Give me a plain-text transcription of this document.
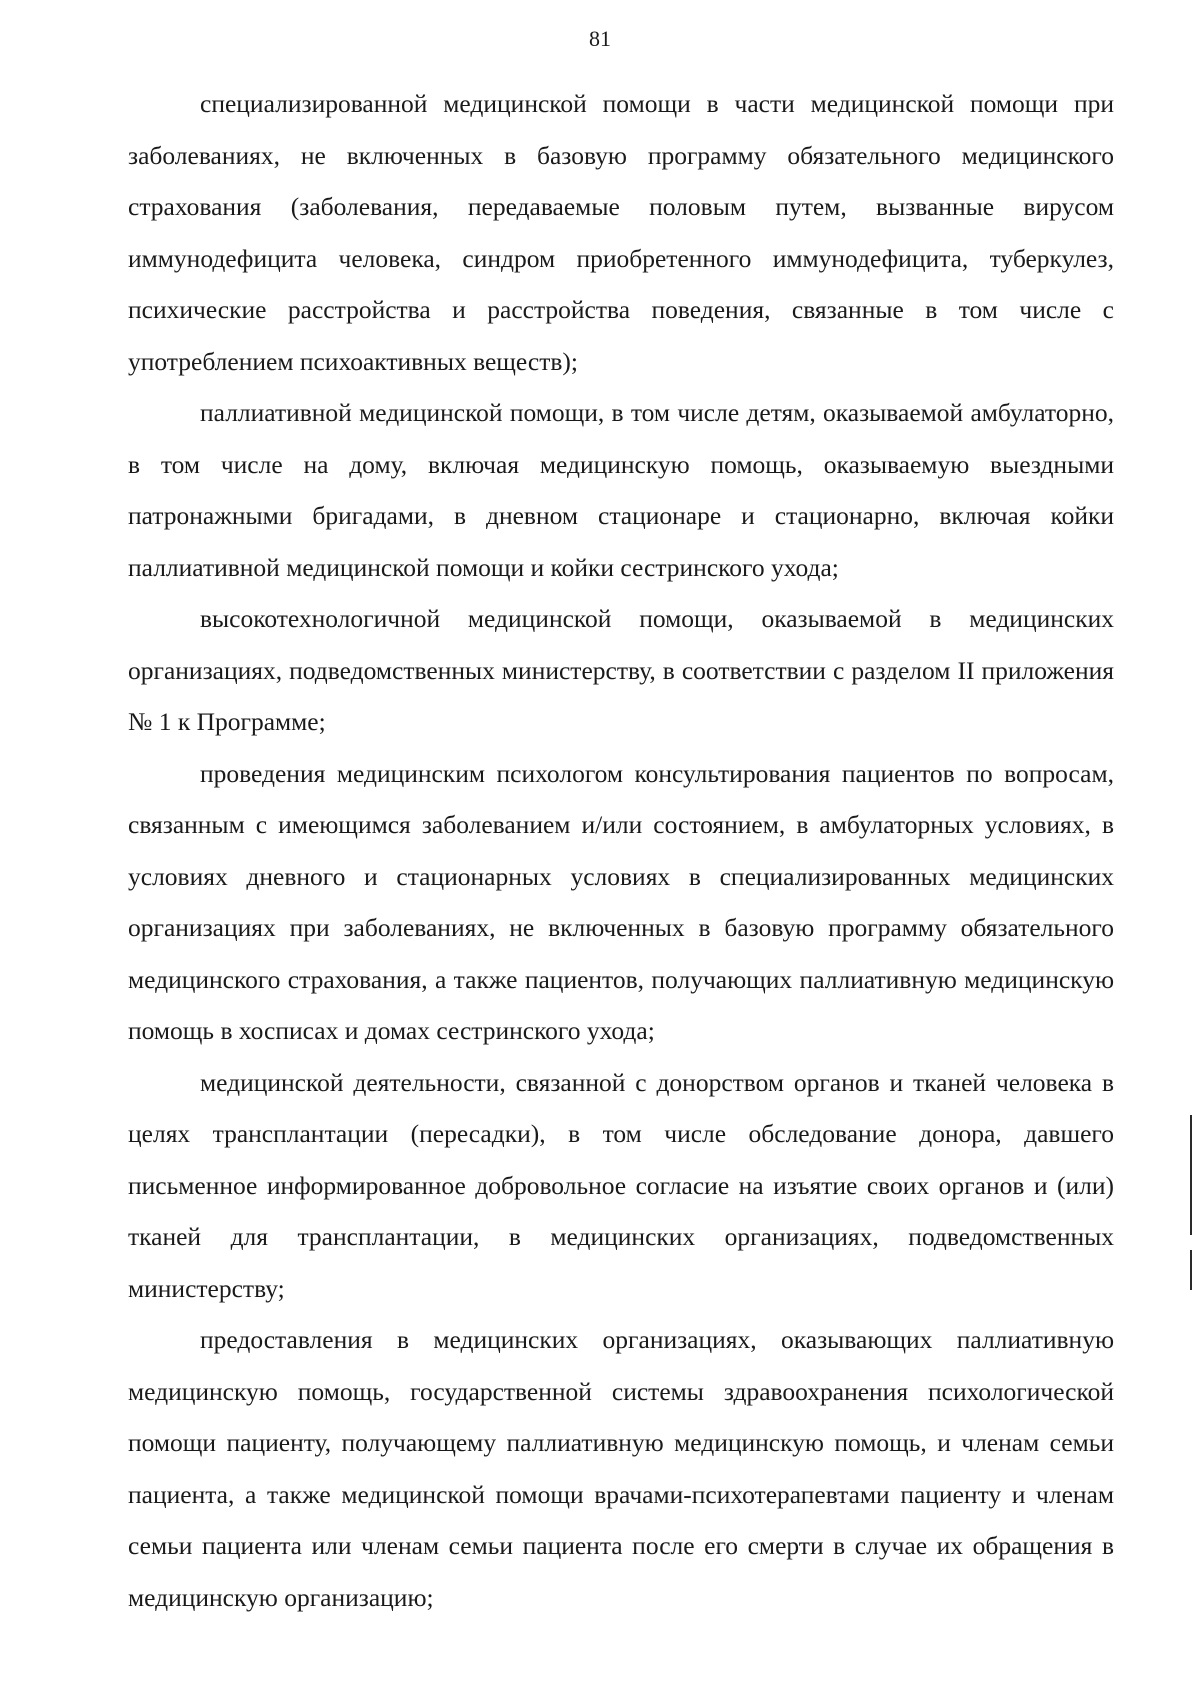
81

специализированной медицинской помощи в части медицинской помощи при заболеваниях, не включенных в базовую программу обязательного медицинского страхования (заболевания, передаваемые половым путем, вызванные вирусом иммунодефицита человека, синдром приобретенного иммунодефицита, туберкулез, психические расстройства и расстройства поведения, связанные в том числе с употреблением психоактивных веществ);

паллиативной медицинской помощи, в том числе детям, оказываемой амбулаторно, в том числе на дому, включая медицинскую помощь, оказываемую выездными патронажными бригадами, в дневном стационаре и стационарно, включая койки паллиативной медицинской помощи и койки сестринского ухода;

высокотехнологичной медицинской помощи, оказываемой в медицинских организациях, подведомственных министерству, в соответствии с разделом II приложения № 1 к Программе;

проведения медицинским психологом консультирования пациентов по вопросам, связанным с имеющимся заболеванием и/или состоянием, в амбулаторных условиях, в условиях дневного и стационарных условиях в специализированных медицинских организациях при заболеваниях, не включенных в базовую программу обязательного медицинского страхования, а также пациентов, получающих паллиативную медицинскую помощь в хосписах и домах сестринского ухода;

медицинской деятельности, связанной с донорством органов и тканей человека в целях трансплантации (пересадки), в том числе обследование донора, давшего письменное информированное добровольное согласие на изъятие своих органов и (или) тканей для трансплантации, в медицинских организациях, подведомственных министерству;

предоставления в медицинских организациях, оказывающих паллиативную медицинскую помощь, государственной системы здравоохранения психологической помощи пациенту, получающему паллиативную медицинскую помощь, и членам семьи пациента, а также медицинской помощи врачами-психотерапевтами пациенту и членам семьи пациента или членам семьи пациента после его смерти в случае их обращения в медицинскую организацию;
